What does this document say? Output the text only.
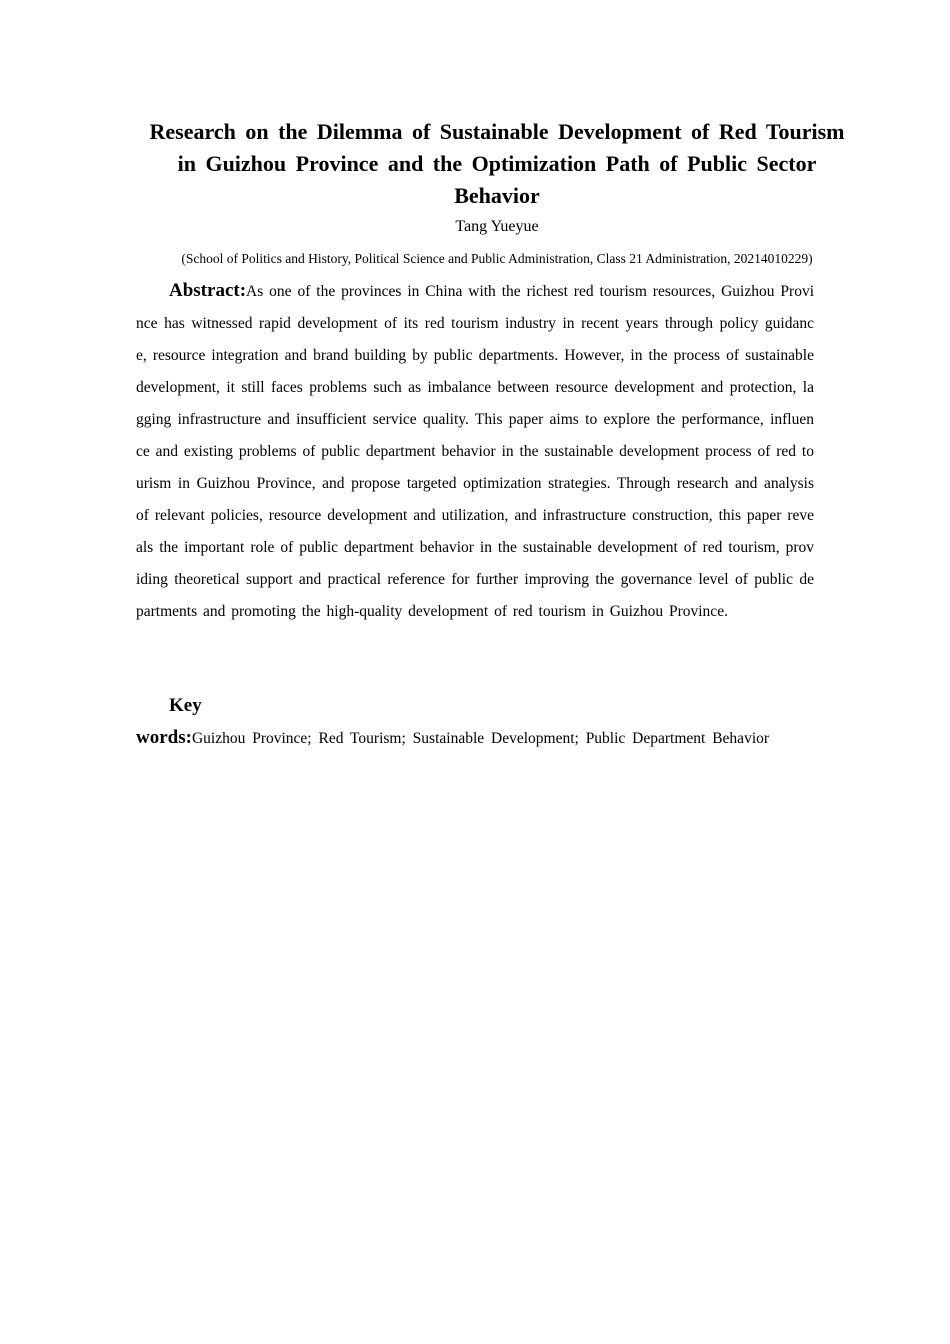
Research on the Dilemma of Sustainable Development of Red Tourism in Guizhou Province and the Optimization Path of Public Sector Behavior
Tang Yueyue
(School of Politics and History, Political Science and Public Administration, Class 21 Administration, 20214010229)

Abstract:As one of the provinces in China with the richest red tourism resources, Guizhou Province has witnessed rapid development of its red tourism industry in recent years through policy guidance, resource integration and brand building by public departments. However, in the process of sustainable development, it still faces problems such as imbalance between resource development and protection, lagging infrastructure and insufficient service quality. This paper aims to explore the performance, influence and existing problems of public department behavior in the sustainable development process of red tourism in Guizhou Province, and propose targeted optimization strategies. Through research and analysis of relevant policies, resource development and utilization, and infrastructure construction, this paper reveals the important role of public department behavior in the sustainable development of red tourism, providing theoretical support and practical reference for further improving the governance level of public departments and promoting the high-quality development of red tourism in Guizhou Province.

Key
words:Guizhou Province; Red Tourism; Sustainable Development; Public Department Behavior
